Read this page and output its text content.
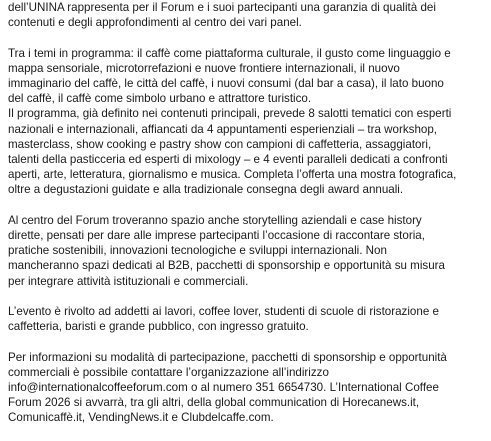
dell’UNINA rappresenta per il Forum e i suoi partecipanti una garanzia di qualità dei
contenuti e degli approfondimenti al centro dei vari panel.

Tra i temi in programma: il caffè come piattaforma culturale, il gusto come linguaggio e
mappa sensoriale, microtorrefazioni e nuove frontiere internazionali, il nuovo
immaginario del caffè, le città del caffè, i nuovi consumi (dal bar a casa), il lato buono
del caffè, il caffè come simbolo urbano e attrattore turistico.
Il programma, già definito nei contenuti principali, prevede 8 salotti tematici con esperti
nazionali e internazionali, affiancati da 4 appuntamenti esperienziali – tra workshop,
masterclass, show cooking e pastry show con campioni di caffetteria, assaggiatori,
talenti della pasticceria ed esperti di mixology – e 4 eventi paralleli dedicati a confronti
aperti, arte, letteratura, giornalismo e musica. Completa l’offerta una mostra fotografica,
oltre a degustazioni guidate e alla tradizionale consegna degli award annuali.

Al centro del Forum troveranno spazio anche storytelling aziendali e case history
dirette, pensati per dare alle imprese partecipanti l’occasione di raccontare storia,
pratiche sostenibili, innovazioni tecnologiche e sviluppi internazionali. Non
mancheranno spazi dedicati al B2B, pacchetti di sponsorship e opportunità su misura
per integrare attività istituzionali e commerciali.

L’evento è rivolto ad addetti ai lavori, coffee lover, studenti di scuole di ristorazione e
caffetteria, baristi e grande pubblico, con ingresso gratuito.

Per informazioni su modalità di partecipazione, pacchetti di sponsorship e opportunità
commerciali è possibile contattare l’organizzazione all’indirizzo
info@internationalcoffeeforum.com o al numero 351 6654730. L’International Coffee
Forum 2026 si avvarrà, tra gli altri, della global communication di Horecanews.it,
Comunicaffè.it, VendingNews.it e Clubdelcaffe.com.
